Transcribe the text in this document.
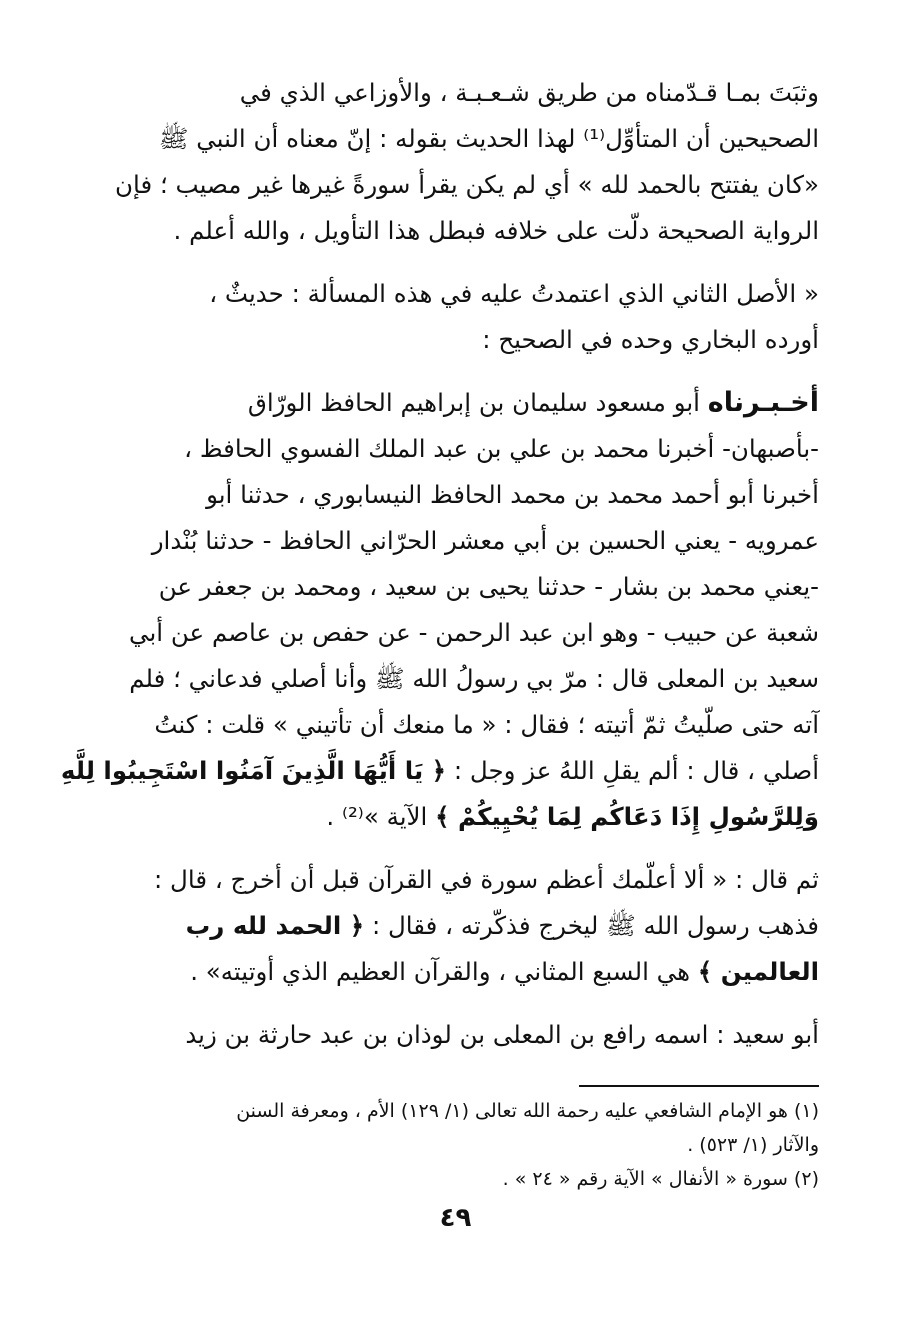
وثبَتَ بمـا قـدّمناه من طريق شـعـبـة ، والأوزاعي الذي في
الصحيحين أن المتأوِّل⁽¹⁾ لهذا الحديث بقوله : إنّ معناه أن النبي ﷺ
«كان يفتتح بالحمد لله » أي لم يكن يقرأ سورةً غيرها غير مصيب ؛ فإن
الرواية الصحيحة دلّت على خلافه فبطل هذا التأويل ، والله أعلم .

« الأصل الثاني الذي اعتمدتُ عليه في هذه المسألة : حديثٌ ،
أورده البخاري وحده في الصحيح :

أخـبـرناه أبو مسعود سليمان بن إبراهيم الحافظ الورّاق
-بأصبهان- أخبرنا محمد بن علي بن عبد الملك الفسوي الحافظ ،
أخبرنا أبو أحمد محمد بن محمد الحافظ النيسابوري ، حدثنا أبو
عمرويه - يعني الحسين بن أبي معشر الحرّاني الحافظ - حدثنا بُنْدار
-يعني محمد بن بشار - حدثنا يحيى بن سعيد ، ومحمد بن جعفر عن
شعبة عن حبيب - وهو ابن عبد الرحمن - عن حفص بن عاصم عن أبي
سعيد بن المعلى قال : مرّ بي رسولُ الله ﷺ وأنا أصلي فدعاني ؛ فلم
آته حتى صلّيتُ ثمّ أتيته ؛ فقال : « ما منعك أن تأتيني » قلت : كنتُ
أصلي ، قال : ألم يقلِ اللهُ عز وجل : ﴿ يَا أَيُّهَا الَّذِينَ آمَنُوا اسْتَجِيبُوا لِلَّهِ
وَلِلرَّسُولِ إِذَا دَعَاكُم لِمَا يُحْيِيكُمْ ﴾ الآية »⁽²⁾ .

ثم قال : « ألا أعلّمك أعظم سورة في القرآن قبل أن أخرج ، قال :
فذهب رسول الله ﷺ ليخرج فذكّرته ، فقال : ﴿ الحمد لله رب
العالمين ﴾ هي السبع المثاني ، والقرآن العظيم الذي أوتيته» .

أبو سعيد : اسمه رافع بن المعلى بن لوذان بن عبد حارثة بن زيد

(١) هو الإمام الشافعي عليه رحمة الله تعالى (١/ ١٢٩) الأم ، ومعرفة السنن
والآثار (١/ ٥٢٣) .

(٢) سورة « الأنفال » الآية رقم « ٢٤ » .

٤٩
